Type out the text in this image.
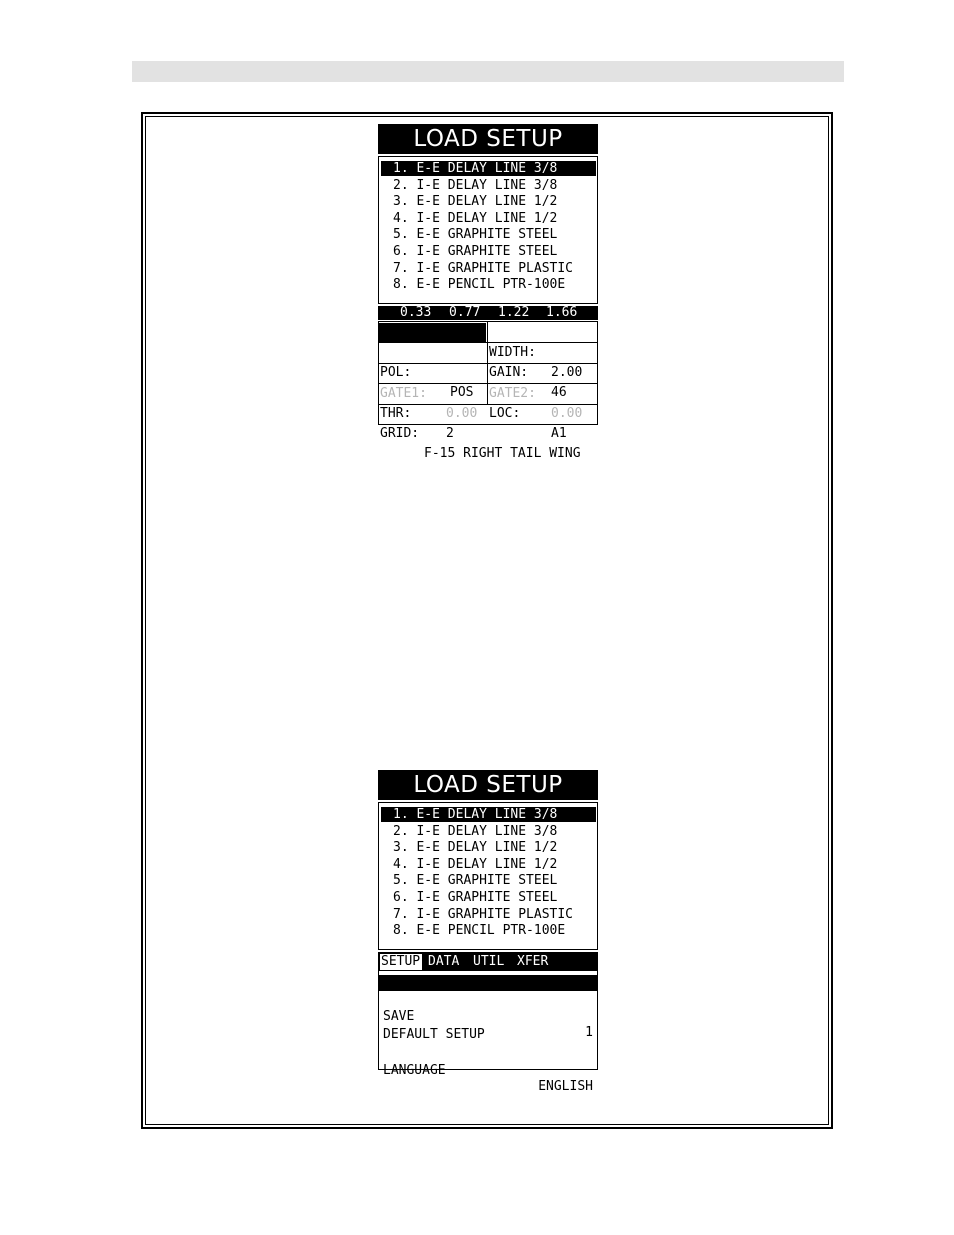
LOAD SETUP
1. E-E DELAY LINE 3/8
2. I-E DELAY LINE 3/8
3. E-E DELAY LINE 1/2
4. I-E DELAY LINE 1/2
5. E-E GRAPHITE STEEL
6. I-E GRAPHITE STEEL
7. I-E GRAPHITE PLASTIC
8. E-E PENCIL PTR-100E

0.33

0.77

1.22

1.66

DELAY:

0.00

WIDTH:

2.00

POL:

POS

GAIN:

46

GATE1:

0.00

GATE2:

0.00

THR:

2

LOC:

A1

GRID:

F-15 RIGHT TAIL WING

LOAD SETUP
1. E-E DELAY LINE 3/8
2. I-E DELAY LINE 3/8
3. E-E DELAY LINE 1/2
4. I-E DELAY LINE 1/2
5. E-E GRAPHITE STEEL
6. I-E GRAPHITE STEEL
7. I-E GRAPHITE PLASTIC
8. E-E PENCIL PTR-100E

SETUP

DATA

UTIL

XFER

OPEN

SAVE

1

DEFAULT SETUP

LANGUAGE

ENGLISH
